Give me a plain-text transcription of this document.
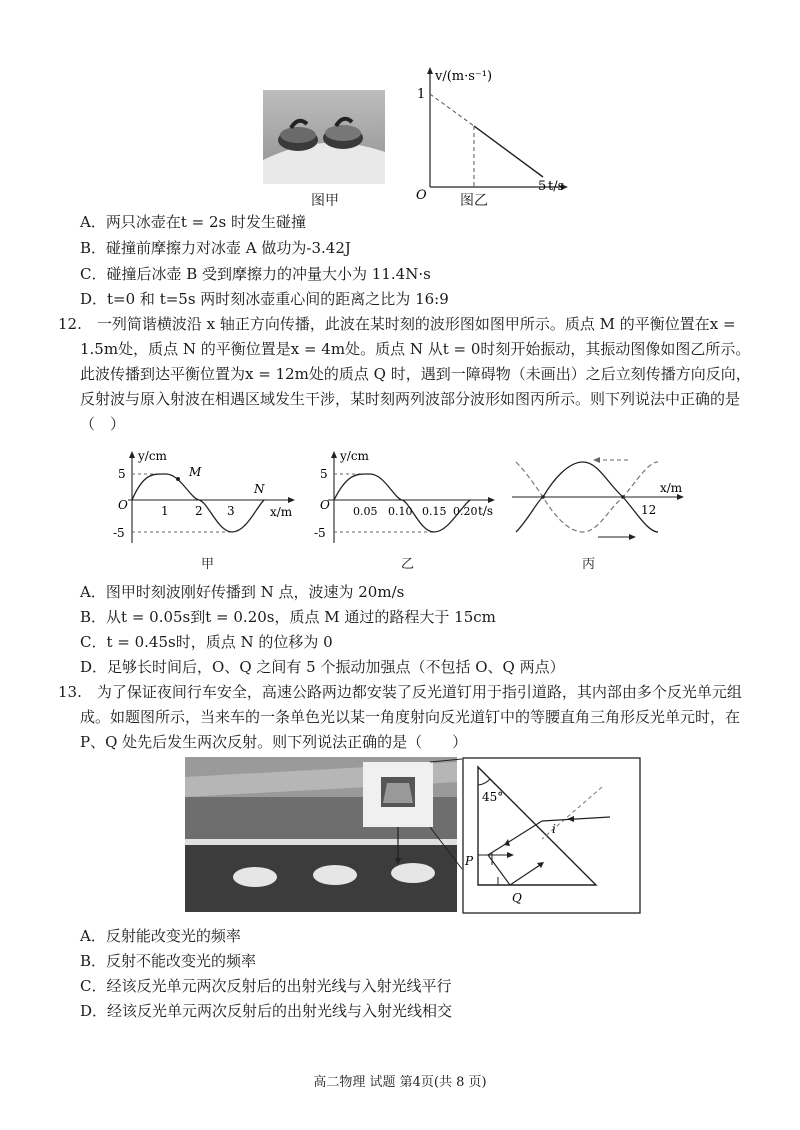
图甲
v/(m·s⁻¹)
1
O
5 t/s
图乙
A．两只冰壶在t = 2s 时发生碰撞
B．碰撞前摩擦力对冰壶 A 做功为-3.42J
C．碰撞后冰壶 B 受到摩擦力的冲量大小为 11.4N·s
D．t=0 和 t=5s 两时刻冰壶重心间的距离之比为 16:9
12.　一列简谐横波沿 x 轴正方向传播，此波在某时刻的波形图如图甲所示。质点 M 的平衡位置在x =
1.5m处，质点 N 的平衡位置是x = 4m处。质点 N 从t = 0时刻开始振动，其振动图像如图乙所示。
此波传播到达平衡位置为x = 12m处的质点 Q 时，遇到一障碍物（未画出）之后立刻传播方向反向，
反射波与原入射波在相遇区域发生干涉，某时刻两列波部分波形如图丙所示。则下列说法中正确的是
（　）
y/cm
5
O
-5
1 2 3
M
N
x/m
甲
y/cm
5
O
-5
0.05 0.10 0.15 0.20 t/s
乙
x/m
12
丙
A．图甲时刻波刚好传播到 N 点，波速为 20m/s
B．从t = 0.05s到t = 0.20s，质点 M 通过的路程大于 15cm
C．t = 0.45s时，质点 N 的位移为 0
D．足够长时间后，O、Q 之间有 5 个振动加强点（不包括 O、Q 两点）
13.　为了保证夜间行车安全，高速公路两边都安装了反光道钉用于指引道路，其内部由多个反光单元组
成。如题图所示，当来车的一条单色光以某一角度射向反光道钉中的等腰直角三角形反光单元时，在
P、Q 处先后发生两次反射。则下列说法正确的是（　　）
45°
i
P
Q
A．反射能改变光的频率
B．反射不能改变光的频率
C．经该反光单元两次反射后的出射光线与入射光线平行
D．经该反光单元两次反射后的出射光线与入射光线相交
高二物理 试题 第4页(共 8 页)
